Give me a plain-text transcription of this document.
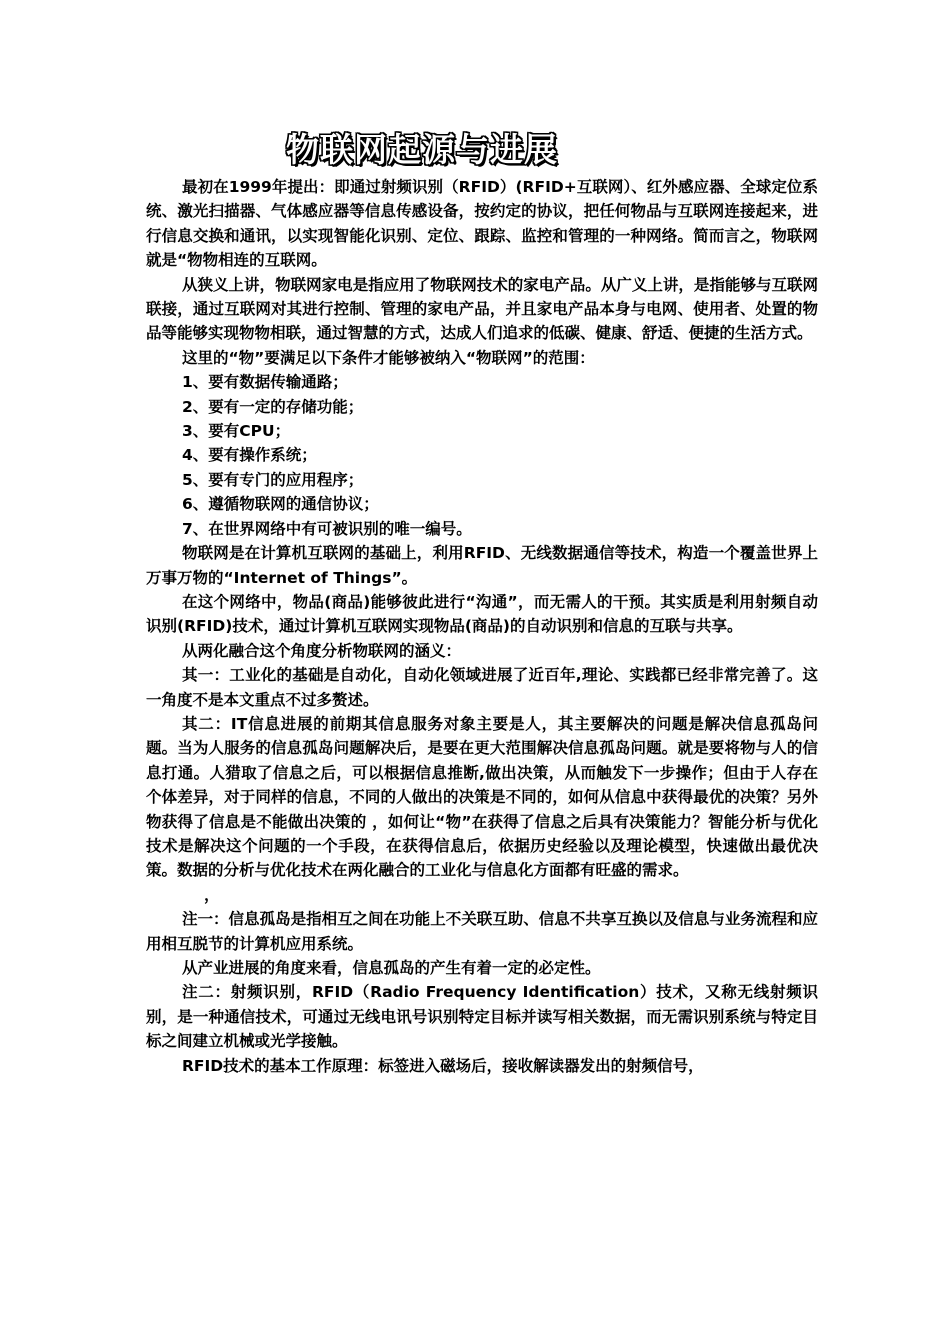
物联网起源与进展

最初在1999年提出：即通过射频识别（RFID）(RFID+互联网）、红外感应器、全球定位系统、激光扫描器、气体感应器等信息传感设备，按约定的协议，把任何物品与互联网连接起来，进行信息交换和通讯，以实现智能化识别、定位、跟踪、监控和管理的一种网络。简而言之，物联网就是“物物相连的互联网。

从狭义上讲，物联网家电是指应用了物联网技术的家电产品。从广义上讲，是指能够与互联网联接，通过互联网对其进行控制、管理的家电产品，并且家电产品本身与电网、使用者、处置的物品等能够实现物物相联，通过智慧的方式，达成人们追求的低碳、健康、舒适、便捷的生活方式。

这里的“物”要满足以下条件才能够被纳入“物联网”的范围：

1、要有数据传输通路；

2、要有一定的存储功能；

3、要有CPU；

4、要有操作系统；

5、要有专门的应用程序；

6、遵循物联网的通信协议；

7、在世界网络中有可被识别的唯一编号。

物联网是在计算机互联网的基础上，利用RFID、无线数据通信等技术，构造一个覆盖世界上万事万物的“Internet of Things”。

在这个网络中，物品(商品)能够彼此进行“沟通”，而无需人的干预。其实质是利用射频自动识别(RFID)技术，通过计算机互联网实现物品(商品)的自动识别和信息的互联与共享。

从两化融合这个角度分析物联网的涵义：

其一：工业化的基础是自动化，自动化领域进展了近百年,理论、实践都已经非常完善了。这一角度不是本文重点不过多赘述。

其二：IT信息进展的前期其信息服务对象主要是人，其主要解决的问题是解决信息孤岛问题。当为人服务的信息孤岛问题解决后，是要在更大范围解决信息孤岛问题。就是要将物与人的信息打通。人猎取了信息之后，可以根据信息推断,做出决策，从而触发下一步操作；但由于人存在个体差异，对于同样的信息，不同的人做出的决策是不同的，如何从信息中获得最优的决策？另外物获得了信息是不能做出决策的 ，如何让“物”在获得了信息之后具有决策能力？智能分析与优化技术是解决这个问题的一个手段，在获得信息后，依据历史经验以及理论模型，快速做出最优决策。数据的分析与优化技术在两化融合的工业化与信息化方面都有旺盛的需求。

，

注一：信息孤岛是指相互之间在功能上不关联互助、信息不共享互换以及信息与业务流程和应用相互脱节的计算机应用系统。

从产业进展的角度来看，信息孤岛的产生有着一定的必定性。

注二：射频识别，RFID（Radio Frequency Identification）技术，又称无线射频识别，是一种通信技术，可通过无线电讯号识别特定目标并读写相关数据，而无需识别系统与特定目标之间建立机械或光学接触。

RFID技术的基本工作原理：标签进入磁场后，接收解读器发出的射频信号，
